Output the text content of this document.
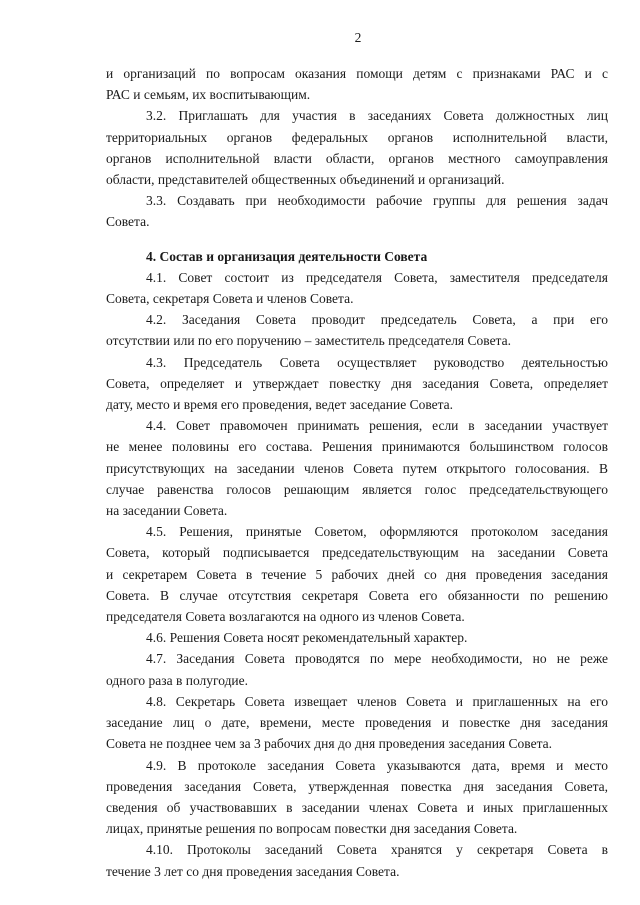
2
и организаций по вопросам оказания помощи детям с признаками РАС и с
РАС и семьям, их воспитывающим.
3.2. Приглашать для участия в заседаниях Совета должностных лиц
территориальных органов федеральных органов исполнительной власти,
органов исполнительной власти области, органов местного самоуправления
области, представителей общественных объединений и организаций.
3.3. Создавать при необходимости рабочие группы для решения задач
Совета.
4. Состав и организация деятельности Совета
4.1. Совет состоит из председателя Совета, заместителя председателя
Совета, секретаря Совета и членов Совета.
4.2. Заседания Совета проводит председатель Совета, а при его
отсутствии или по его поручению – заместитель председателя Совета.
4.3. Председатель Совета осуществляет руководство деятельностью
Совета, определяет и утверждает повестку дня заседания Совета, определяет
дату, место и время его проведения, ведет заседание Совета.
4.4. Совет правомочен принимать решения, если в заседании участвует
не менее половины его состава. Решения принимаются большинством голосов
присутствующих на заседании членов Совета путем открытого голосования. В
случае равенства голосов решающим является голос председательствующего
на заседании Совета.
4.5. Решения, принятые Советом, оформляются протоколом заседания
Совета, который подписывается председательствующим на заседании Совета
и секретарем Совета в течение 5 рабочих дней со дня проведения заседания
Совета. В случае отсутствия секретаря Совета его обязанности по решению
председателя Совета возлагаются на одного из членов Совета.
4.6. Решения Совета носят рекомендательный характер.
4.7. Заседания Совета проводятся по мере необходимости, но не реже
одного раза в полугодие.
4.8. Секретарь Совета извещает членов Совета и приглашенных на его
заседание лиц о дате, времени, месте проведения и повестке дня заседания
Совета не позднее чем за 3 рабочих дня до дня проведения заседания Совета.
4.9. В протоколе заседания Совета указываются дата, время и место
проведения заседания Совета, утвержденная повестка дня заседания Совета,
сведения об участвовавших в заседании членах Совета и иных приглашенных
лицах, принятые решения по вопросам повестки дня заседания Совета.
4.10. Протоколы заседаний Совета хранятся у секретаря Совета в
течение 3 лет со дня проведения заседания Совета.
